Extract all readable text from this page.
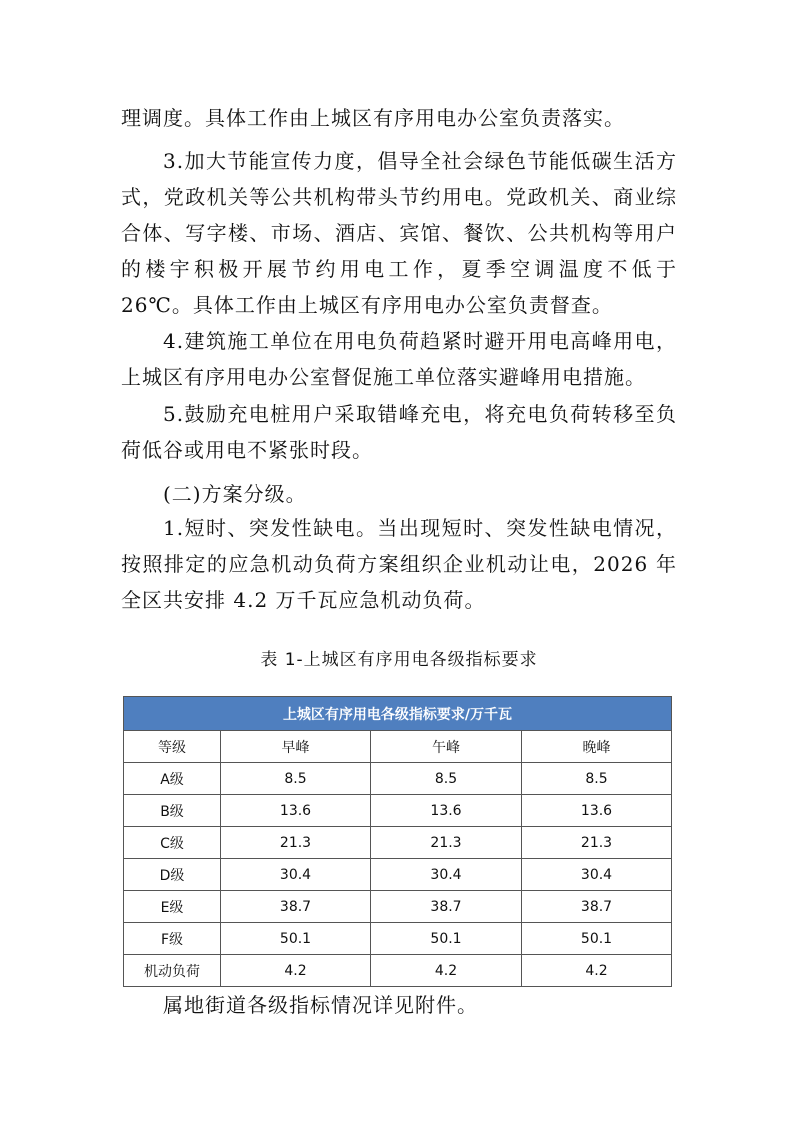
理调度。具体工作由上城区有序用电办公室负责落实。

3.加大节能宣传力度，倡导全社会绿色节能低碳生活方式，党政机关等公共机构带头节约用电。党政机关、商业综合体、写字楼、市场、酒店、宾馆、餐饮、公共机构等用户的楼宇积极开展节约用电工作，夏季空调温度不低于 26℃。具体工作由上城区有序用电办公室负责督查。

4.建筑施工单位在用电负荷趋紧时避开用电高峰用电，上城区有序用电办公室督促施工单位落实避峰用电措施。

5.鼓励充电桩用户采取错峰充电，将充电负荷转移至负荷低谷或用电不紧张时段。

(二)方案分级。

1.短时、突发性缺电。当出现短时、突发性缺电情况，按照排定的应急机动负荷方案组织企业机动让电，2026 年全区共安排 4.2 万千瓦应急机动负荷。

表 1-上城区有序用电各级指标要求
上城区有序用电各级指标要求/万千瓦			
等级	早峰	午峰	晚峰
A级	8.5	8.5	8.5
B级	13.6	13.6	13.6
C级	21.3	21.3	21.3
D级	30.4	30.4	30.4
E级	38.7	38.7	38.7
F级	50.1	50.1	50.1
机动负荷	4.2	4.2	4.2

属地街道各级指标情况详见附件。
